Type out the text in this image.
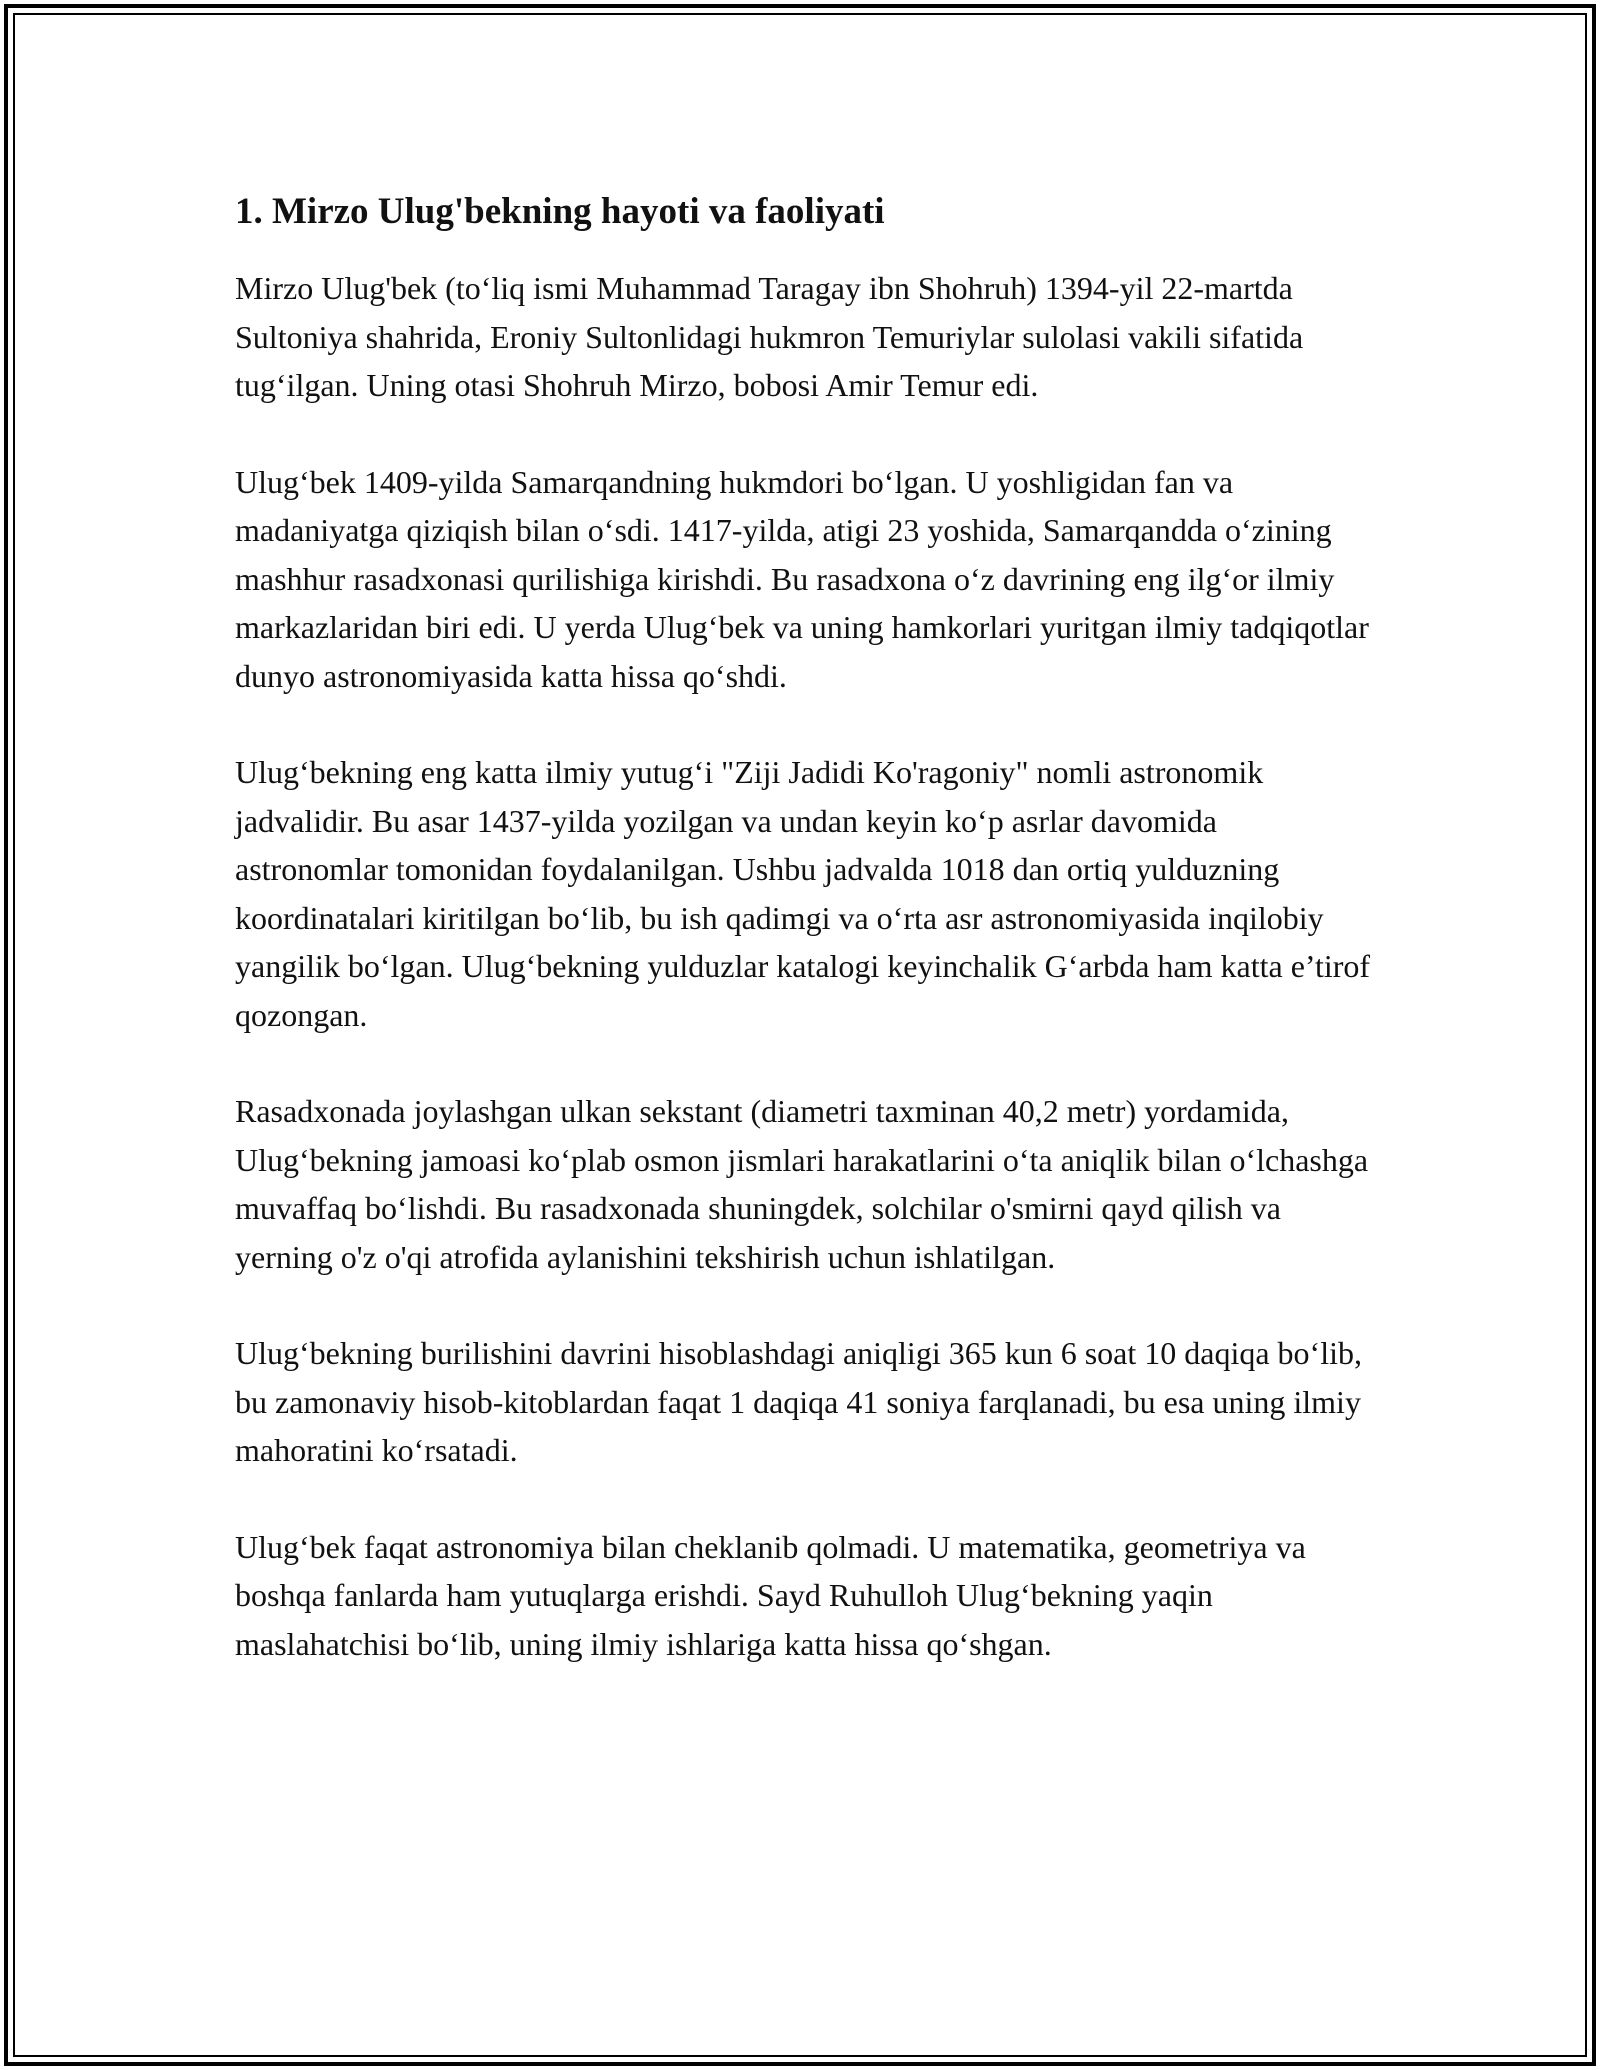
1. Mirzo Ulug'bekning hayoti va faoliyati

Mirzo Ulug'bek (to‘liq ismi Muhammad Taragay ibn Shohruh) 1394-yil 22-martda Sultoniya shahrida, Eroniy Sultonlidagi hukmron Temuriylar sulolasi vakili sifatida tug‘ilgan. Uning otasi Shohruh Mirzo, bobosi Amir Temur edi.

Ulug‘bek 1409-yilda Samarqandning hukmdori bo‘lgan. U yoshligidan fan va madaniyatga qiziqish bilan o‘sdi. 1417-yilda, atigi 23 yoshida, Samarqandda o‘zining mashhur rasadxonasi qurilishiga kirishdi. Bu rasadxona o‘z davrining eng ilg‘or ilmiy markazlaridan biri edi. U yerda Ulug‘bek va uning hamkorlari yuritgan ilmiy tadqiqotlar dunyo astronomiyasida katta hissa qo‘shdi.

Ulug‘bekning eng katta ilmiy yutug‘i "Ziji Jadidi Ko'ragoniy" nomli astronomik jadvalidir. Bu asar 1437-yilda yozilgan va undan keyin ko‘p asrlar davomida astronomlar tomonidan foydalanilgan. Ushbu jadvalda 1018 dan ortiq yulduzning koordinatalari kiritilgan bo‘lib, bu ish qadimgi va o‘rta asr astronomiyasida inqilobiy yangilik bo‘lgan. Ulug‘bekning yulduzlar katalogi keyinchalik G‘arbda ham katta e’tirof qozongan.

Rasadxonada joylashgan ulkan sekstant (diametri taxminan 40,2 metr) yordamida, Ulug‘bekning jamoasi ko‘plab osmon jismlari harakatlarini o‘ta aniqlik bilan o‘lchashga muvaffaq bo‘lishdi. Bu rasadxonada shuningdek, solchilar o'smirni qayd qilish va yerning o'z o'qi atrofida aylanishini tekshirish uchun ishlatilgan.

Ulug‘bekning burilishini davrini hisoblashdagi aniqligi 365 kun 6 soat 10 daqiqa bo‘lib, bu zamonaviy hisob-kitoblardan faqat 1 daqiqa 41 soniya farqlanadi, bu esa uning ilmiy mahoratini ko‘rsatadi.

Ulug‘bek faqat astronomiya bilan cheklanib qolmadi. U matematika, geometriya va boshqa fanlarda ham yutuqlarga erishdi. Sayd Ruhulloh Ulug‘bekning yaqin maslahatchisi bo‘lib, uning ilmiy ishlariga katta hissa qo‘shgan.
